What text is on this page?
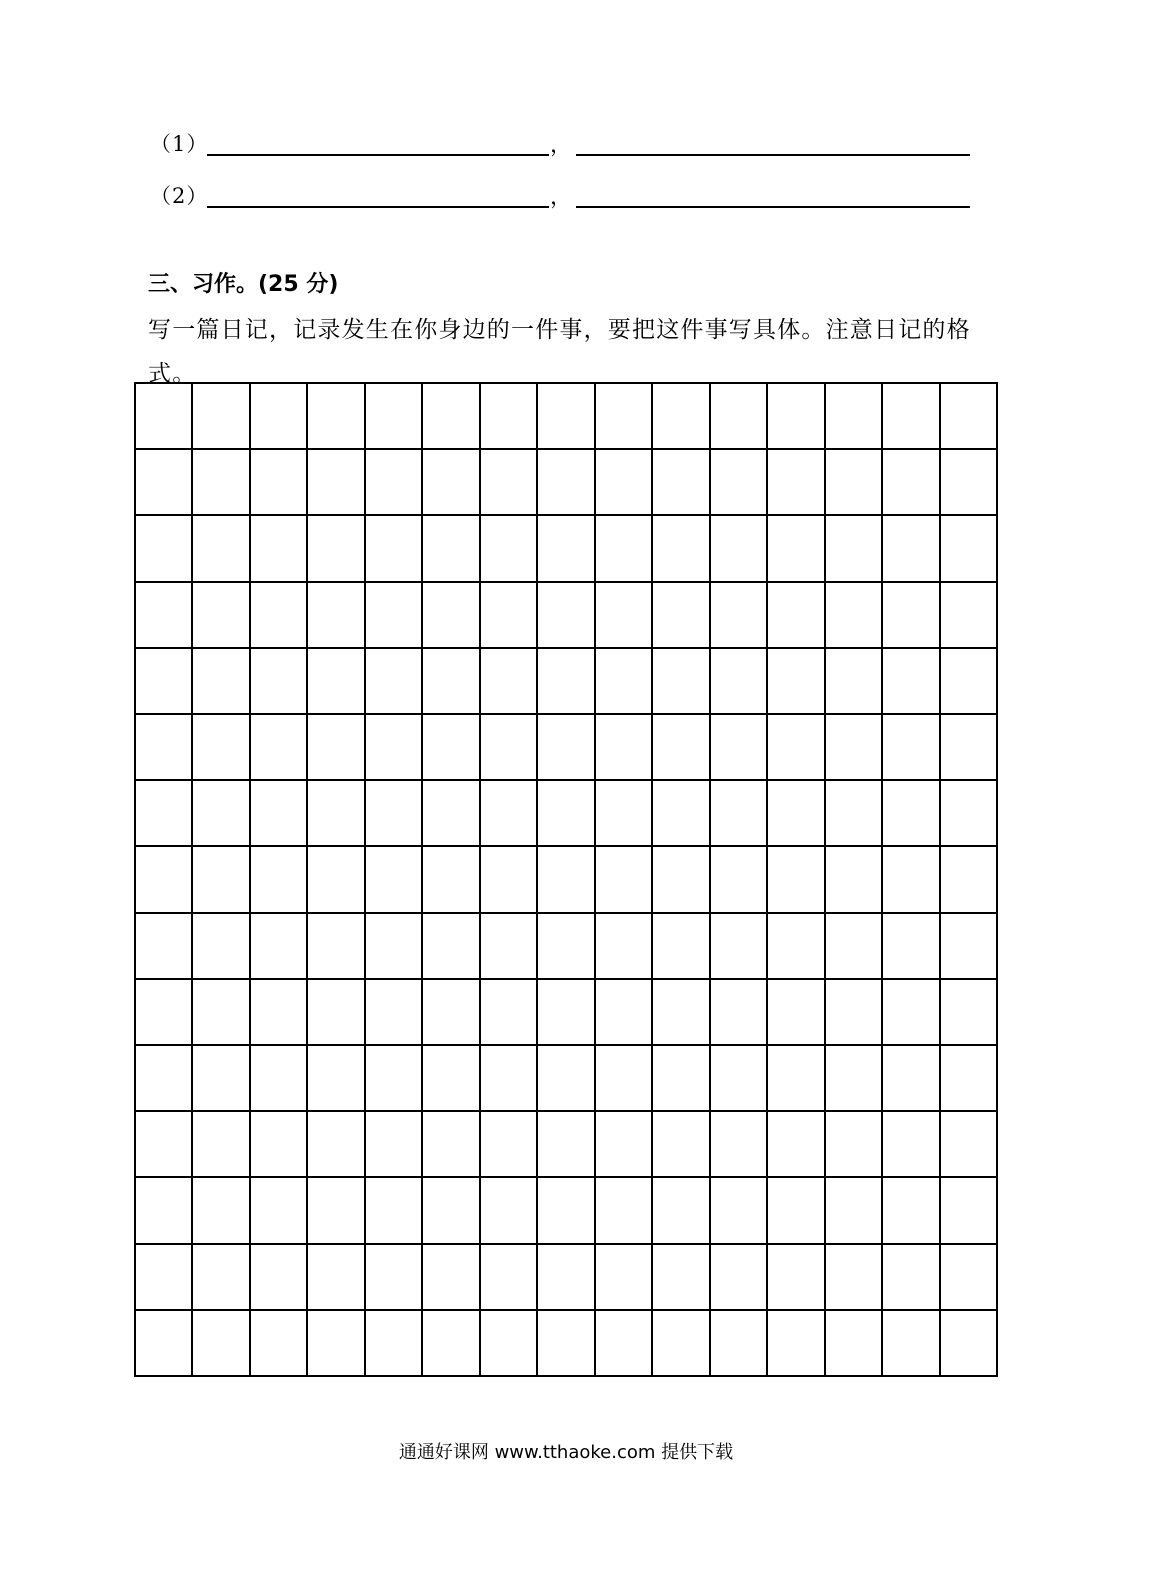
（1）	，
（2）	，
三、习作。(25 分)
写一篇日记，记录发生在你身边的一件事，要把这件事写具体。注意日记的格式。
通通好课网 www.tthaoke.com 提供下载
